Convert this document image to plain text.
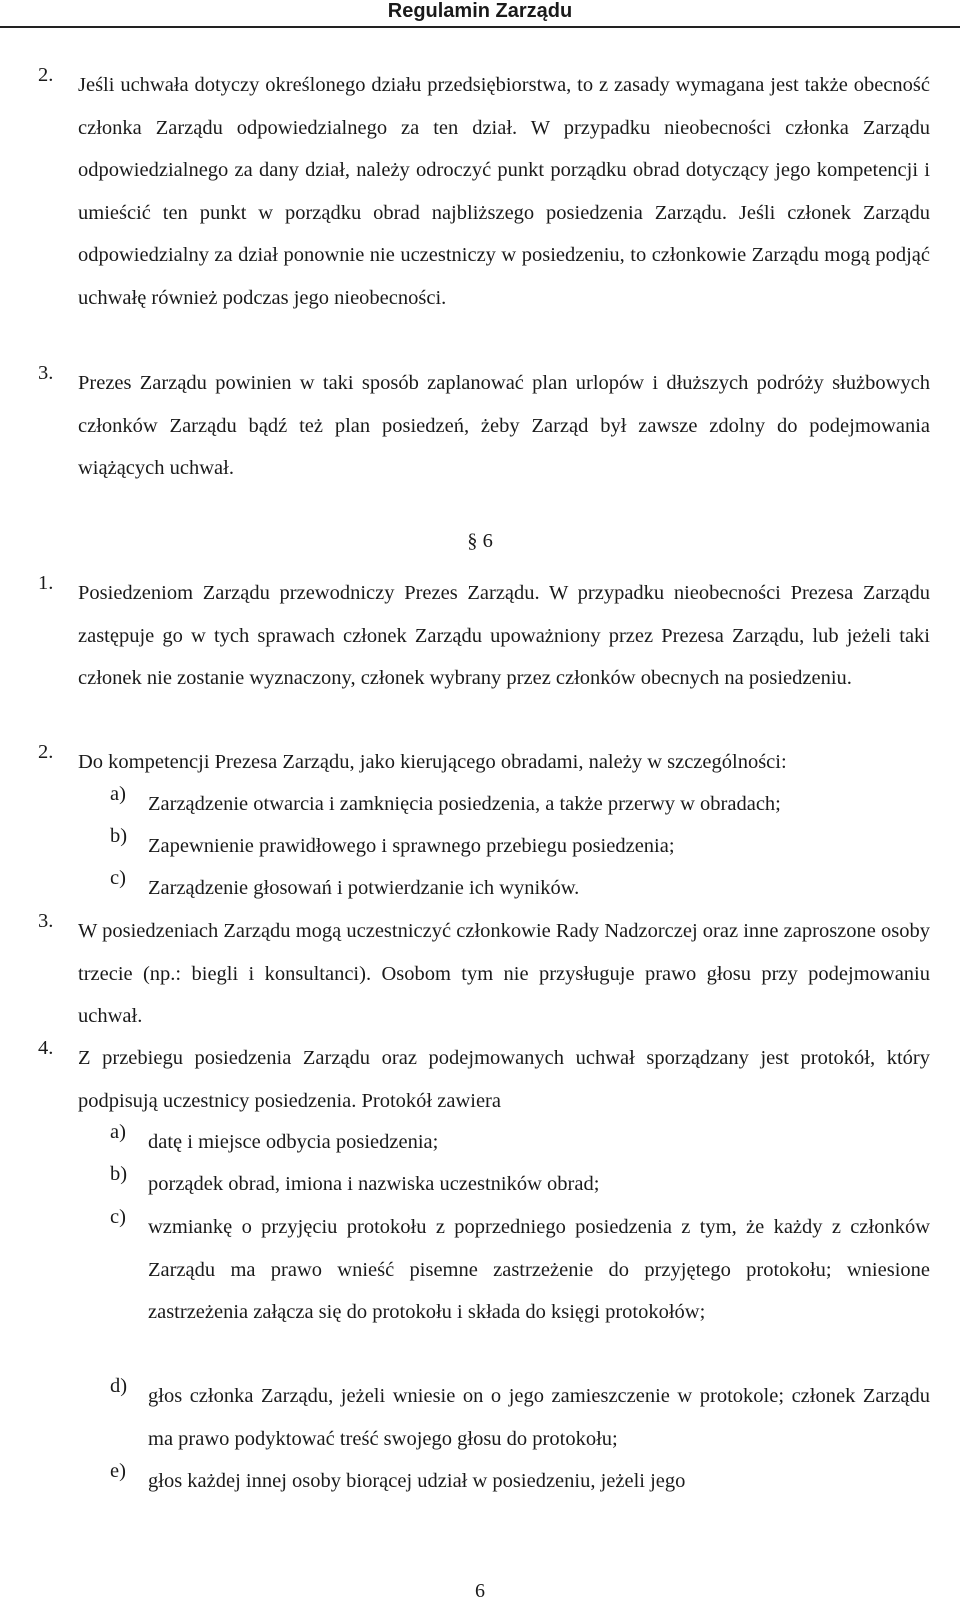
Regulamin Zarządu
2. Jeśli uchwała dotyczy określonego działu przedsiębiorstwa, to z zasady wymagana jest także obecność członka Zarządu odpowiedzialnego za ten dział. W przypadku nieobecności członka Zarządu odpowiedzialnego za dany dział, należy odroczyć punkt porządku obrad dotyczący jego kompetencji i umieścić ten punkt w porządku obrad najbliższego posiedzenia Zarządu. Jeśli członek Zarządu odpowiedzialny za dział ponownie nie uczestniczy w posiedzeniu, to członkowie Zarządu mogą podjąć uchwałę również podczas jego nieobecności.
3. Prezes Zarządu powinien w taki sposób zaplanować plan urlopów i dłuższych podróży służbowych członków Zarządu bądź też plan posiedzeń, żeby Zarząd był zawsze zdolny do podejmowania wiążących uchwał.
§ 6
1. Posiedzeniom Zarządu przewodniczy Prezes Zarządu. W przypadku nieobecności Prezesa Zarządu zastępuje go w tych sprawach członek Zarządu upoważniony przez Prezesa Zarządu, lub jeżeli taki członek nie zostanie wyznaczony, członek wybrany przez członków obecnych na posiedzeniu.
2. Do kompetencji Prezesa Zarządu, jako kierującego obradami, należy w szczególności:
a) Zarządzenie otwarcia i zamknięcia posiedzenia, a także przerwy w obradach;
b) Zapewnienie prawidłowego i sprawnego przebiegu posiedzenia;
c) Zarządzenie głosowań i potwierdzanie ich wyników.
3. W posiedzeniach Zarządu mogą uczestniczyć członkowie Rady Nadzorczej oraz inne zaproszone osoby trzecie (np.: biegli i konsultanci). Osobom tym nie przysługuje prawo głosu przy podejmowaniu uchwał.
4. Z przebiegu posiedzenia Zarządu oraz podejmowanych uchwał sporządzany jest protokół, który podpisują uczestnicy posiedzenia. Protokół zawiera
a) datę i miejsce odbycia posiedzenia;
b) porządek obrad, imiona i nazwiska uczestników obrad;
c) wzmiankę o przyjęciu protokołu z poprzedniego posiedzenia z tym, że każdy z członków Zarządu ma prawo wnieść pisemne zastrzeżenie do przyjętego protokołu; wniesione zastrzeżenia załącza się do protokołu i składa do księgi protokołów;
d) głos członka Zarządu, jeżeli wniesie on o jego zamieszczenie w protokole; członek Zarządu ma prawo podyktować treść swojego głosu do protokołu;
e) głos każdej innej osoby biorącej udział w posiedzeniu, jeżeli jego
6
